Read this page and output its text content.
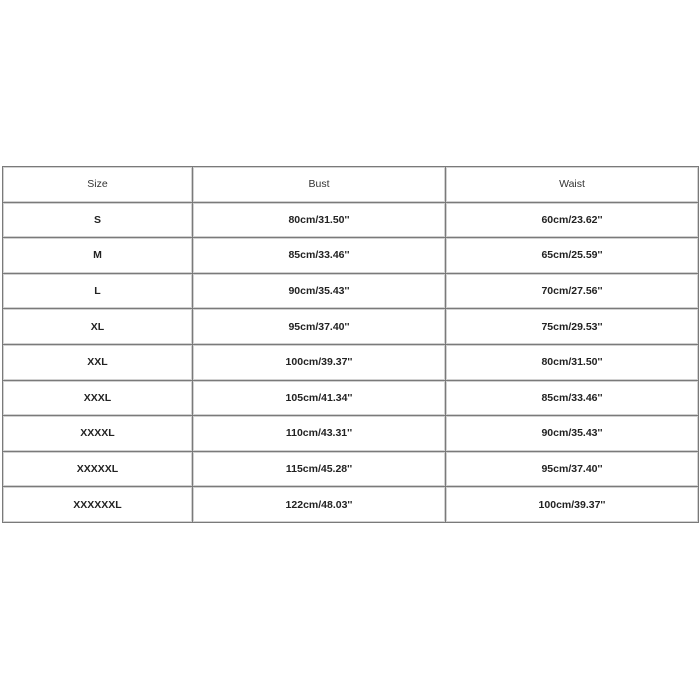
Size	Bust	Waist
S	80cm/31.50''	60cm/23.62''
M	85cm/33.46''	65cm/25.59''
L	90cm/35.43''	70cm/27.56''
XL	95cm/37.40''	75cm/29.53''
XXL	100cm/39.37''	80cm/31.50''
XXXL	105cm/41.34''	85cm/33.46''
XXXXL	110cm/43.31''	90cm/35.43''
XXXXXL	115cm/45.28''	95cm/37.40''
XXXXXXL	122cm/48.03''	100cm/39.37''
